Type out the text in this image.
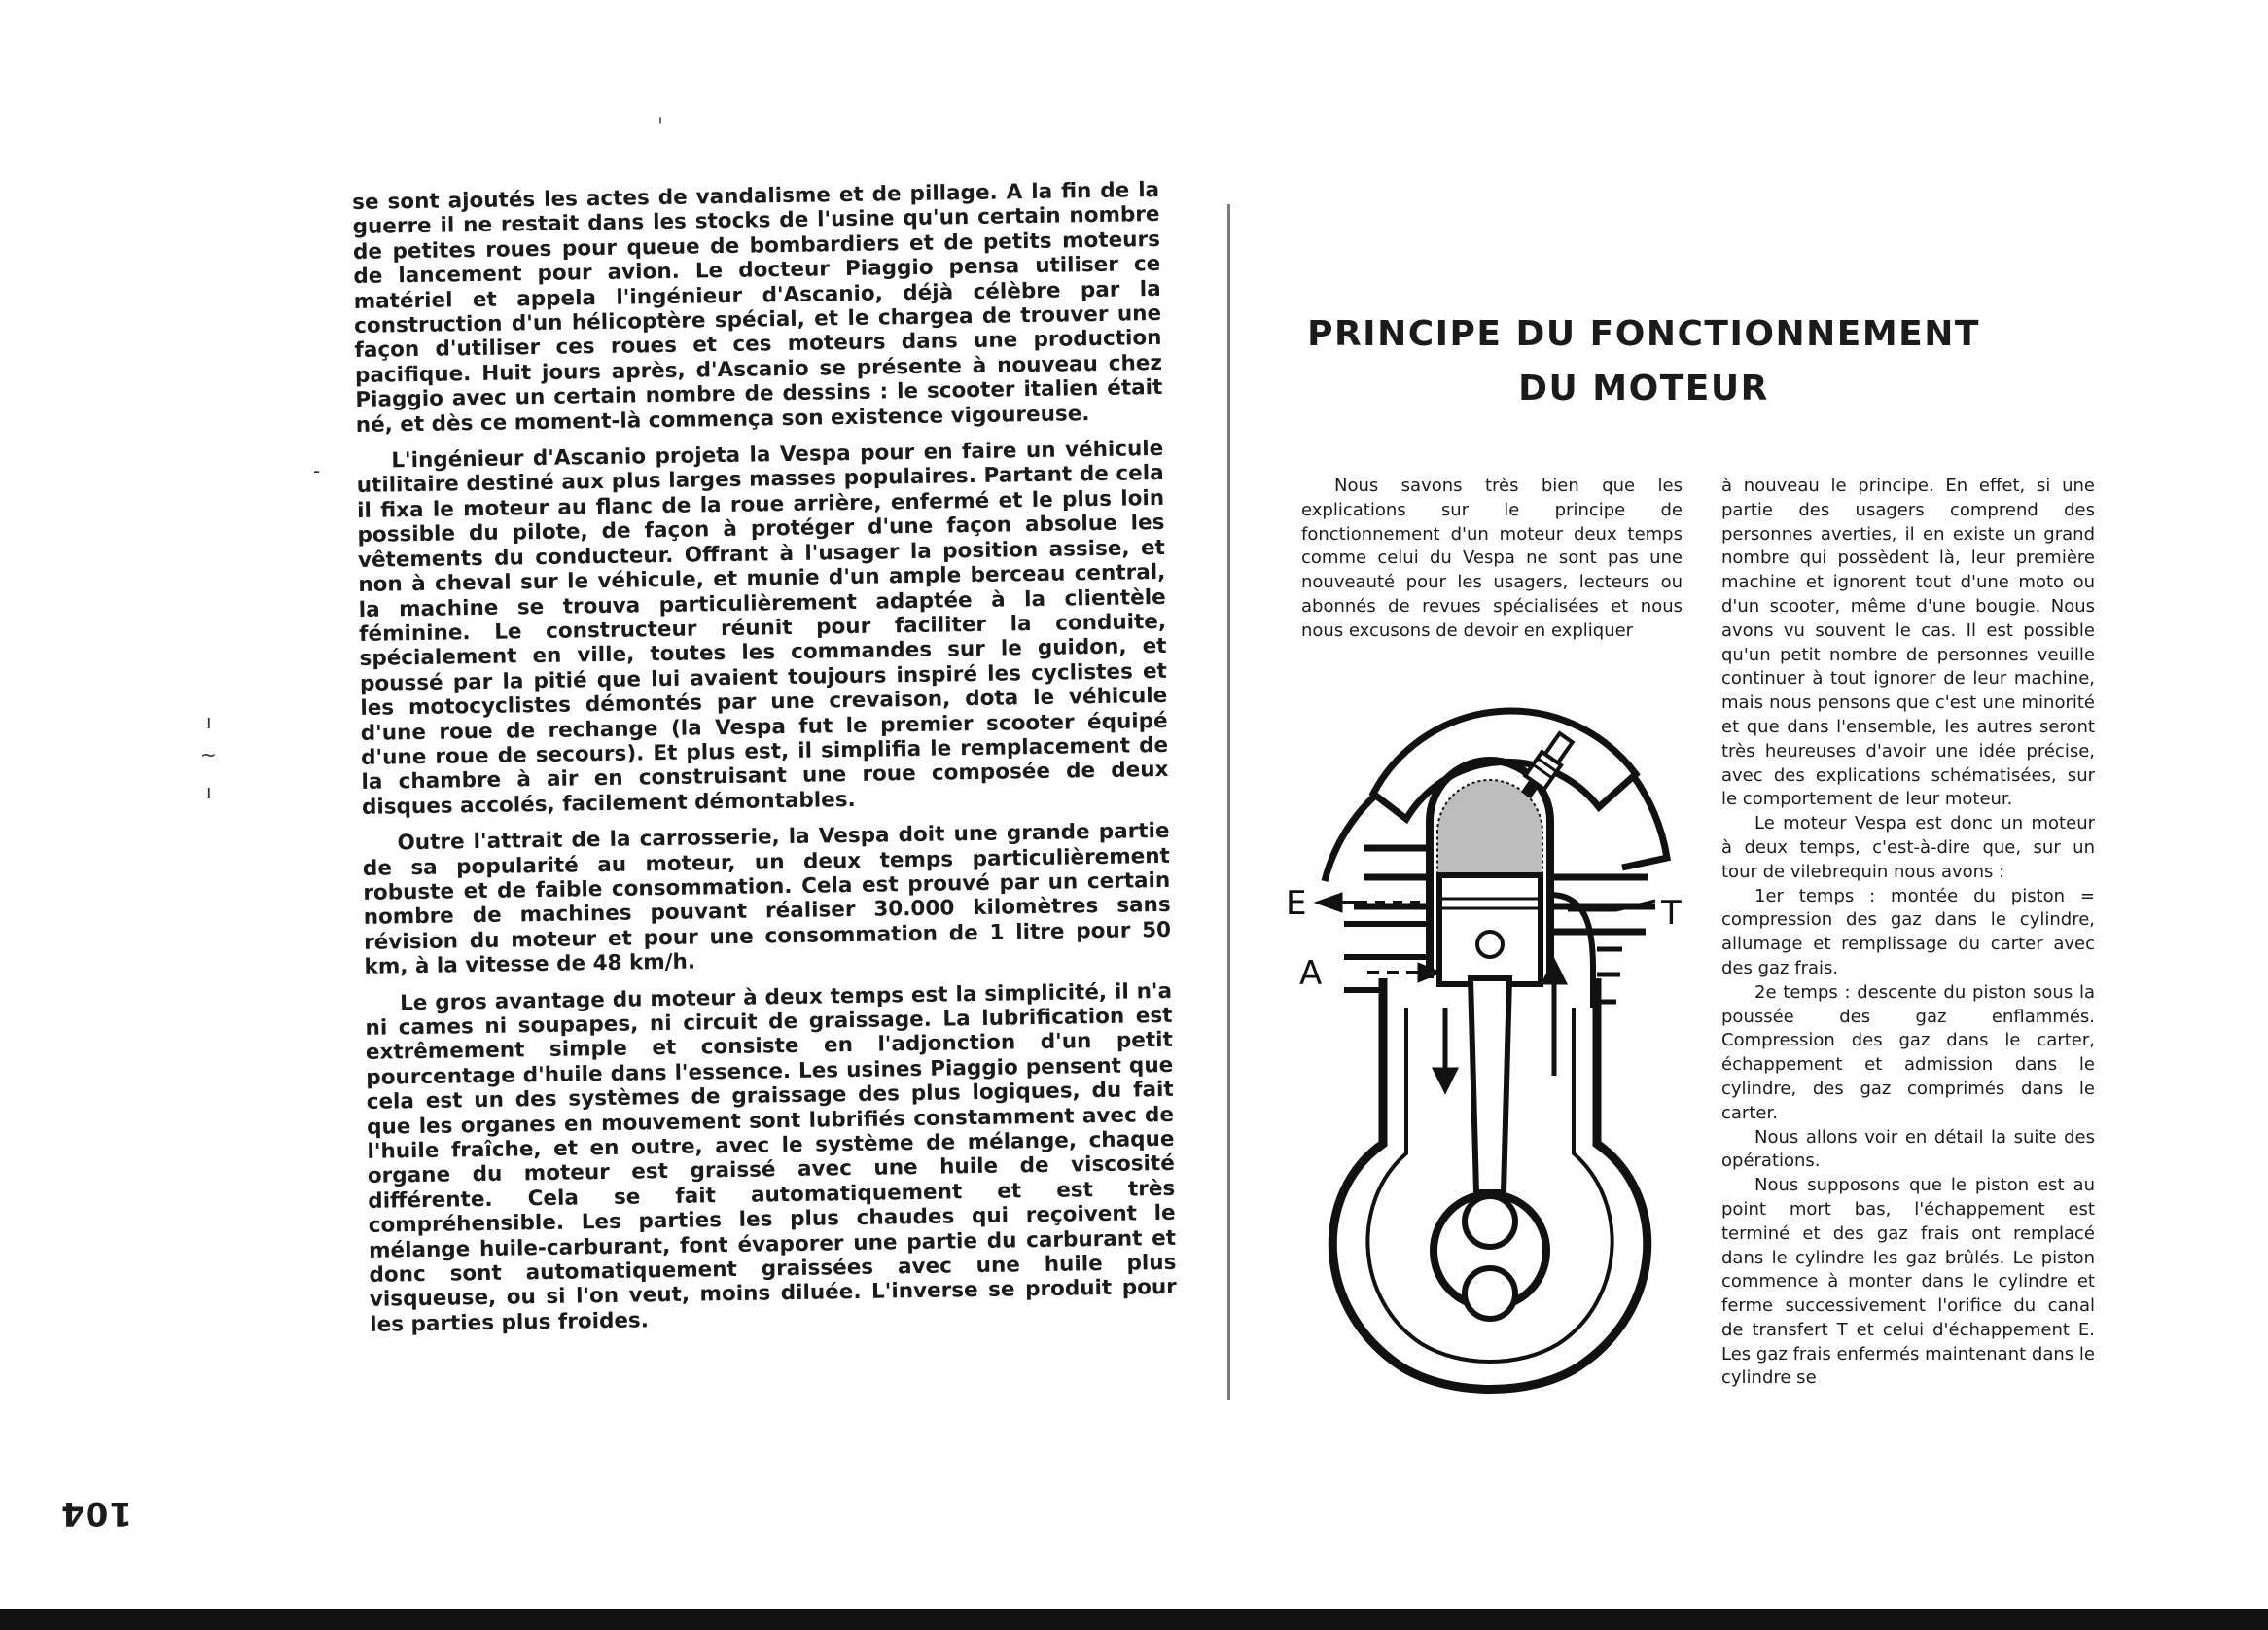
ˌ
ı
~
ı
-

se sont ajoutés les actes de vandalisme et de pillage. A la fin de la guerre il ne restait dans les stocks de l'usine qu'un certain nombre de petites roues pour queue de bombardiers et de petits moteurs de lancement pour avion. Le docteur Piaggio pensa utiliser ce matériel et appela l'ingénieur d'Ascanio, déjà célèbre par la construction d'un hélicoptère spécial, et le chargea de trouver une façon d'utiliser ces roues et ces moteurs dans une production pacifique. Huit jours après, d'Ascanio se présente à nouveau chez Piaggio avec un certain nombre de dessins : le scooter italien était né, et dès ce moment-là commença son existence vigoureuse.

L'ingénieur d'Ascanio projeta la Vespa pour en faire un véhicule utilitaire destiné aux plus larges masses populaires. Partant de cela il fixa le moteur au flanc de la roue arrière, enfermé et le plus loin possible du pilote, de façon à protéger d'une façon absolue les vêtements du conducteur. Offrant à l'usager la position assise, et non à cheval sur le véhicule, et munie d'un ample berceau central, la machine se trouva particulièrement adaptée à la clientèle féminine. Le constructeur réunit pour faciliter la conduite, spécialement en ville, toutes les commandes sur le guidon, et poussé par la pitié que lui avaient toujours inspiré les cyclistes et les motocyclistes démontés par une crevaison, dota le véhicule d'une roue de rechange (la Vespa fut le premier scooter équipé d'une roue de secours). Et plus est, il simplifia le remplacement de la chambre à air en construisant une roue composée de deux disques accolés, facilement démontables.

Outre l'attrait de la carrosserie, la Vespa doit une grande partie de sa popularité au moteur, un deux temps particulièrement robuste et de faible consommation. Cela est prouvé par un certain nombre de machines pouvant réaliser 30.000 kilomètres sans révision du moteur et pour une consommation de 1 litre pour 50 km, à la vitesse de 48 km/h.

Le gros avantage du moteur à deux temps est la simplicité, il n'a ni cames ni soupapes, ni circuit de graissage. La lubrification est extrêmement simple et consiste en l'adjonction d'un petit pourcentage d'huile dans l'essence. Les usines Piaggio pensent que cela est un des systèmes de graissage des plus logiques, du fait que les organes en mouvement sont lubrifiés constamment avec de l'huile fraîche, et en outre, avec le système de mélange, chaque organe du moteur est graissé avec une huile de viscosité différente. Cela se fait automatiquement et est très compréhensible. Les parties les plus chaudes qui reçoivent le mélange huile-carburant, font évaporer une partie du carburant et donc sont automatiquement graissées avec une huile plus visqueuse, ou si l'on veut, moins diluée. L'inverse se produit pour les parties plus froides.

104
PRINCIPE DU FONCTIONNEMENT
DU MOTEUR

Nous savons très bien que les explications sur le principe de fonctionnement d'un moteur deux temps comme celui du Vespa ne sont pas une nouveauté pour les usagers, lecteurs ou abonnés de revues spécialisées et nous nous excusons de devoir en expliquer

à nouveau le principe. En effet, si une partie des usagers comprend des personnes averties, il en existe un grand nombre qui possèdent là, leur première machine et ignorent tout d'une moto ou d'un scooter, même d'une bougie. Nous avons vu souvent le cas. Il est possible qu'un petit nombre de personnes veuille continuer à tout ignorer de leur machine, mais nous pensons que c'est une minorité et que dans l'ensemble, les autres seront très heureuses d'avoir une idée précise, avec des explications schématisées, sur le comportement de leur moteur.

Le moteur Vespa est donc un moteur à deux temps, c'est-à-dire que, sur un tour de vilebrequin nous avons :

1er temps : montée du piston = compression des gaz dans le cylindre, allumage et remplissage du carter avec des gaz frais.

2e temps : descente du piston sous la poussée des gaz enflammés. Compression des gaz dans le carter, échappement et admission dans le cylindre, des gaz comprimés dans le carter.

Nous allons voir en détail la suite des opérations.

Nous supposons que le piston est au point mort bas, l'échappement est terminé et des gaz frais ont remplacé dans le cylindre les gaz brûlés. Le piston commence à monter dans le cylindre et ferme successivement l'orifice du canal de transfert T et celui d'échappement E. Les gaz frais enfermés maintenant dans le cylindre se

E
A
T
